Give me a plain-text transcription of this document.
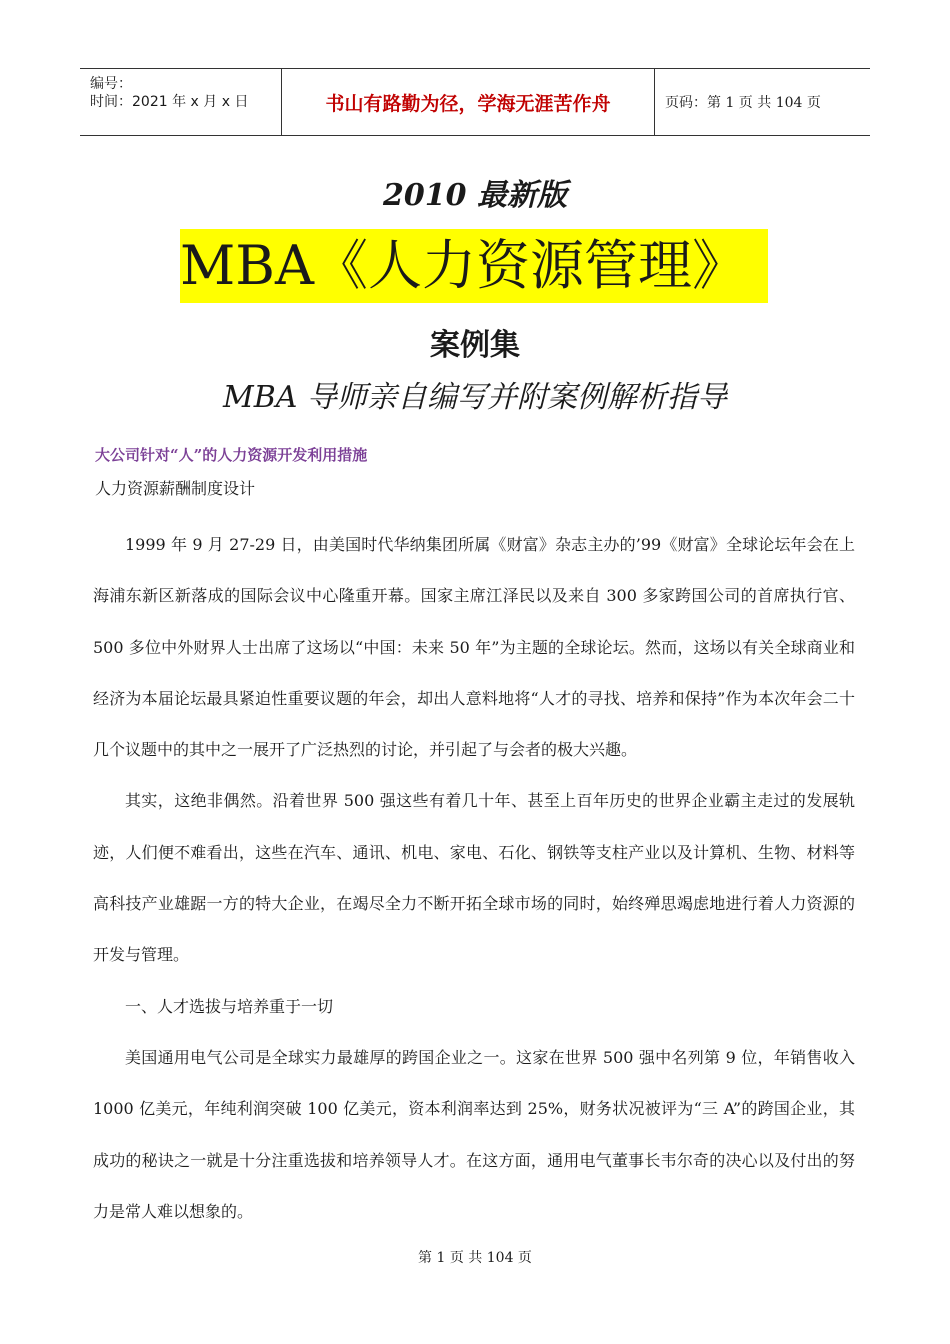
编号：
时间：2021 年 x 月 x 日	书山有路勤为径，学海无涯苦作舟	页码：第 1 页 共 104 页
2010 最新版
MBA《人力资源管理》
案例集
MBA 导师亲自编写并附案例解析指导
大公司针对“人”的人力资源开发利用措施
人力资源薪酬制度设计

1999 年 9 月 27-29 日，由美国时代华纳集团所属《财富》杂志主办的’99《财富》全球论坛年会在上海浦东新区新落成的国际会议中心隆重开幕。国家主席江泽民以及来自 300 多家跨国公司的首席执行官、500 多位中外财界人士出席了这场以“中国：未来 50 年”为主题的全球论坛。然而，这场以有关全球商业和经济为本届论坛最具紧迫性重要议题的年会，却出人意料地将“人才的寻找、培养和保持”作为本次年会二十几个议题中的其中之一展开了广泛热烈的讨论，并引起了与会者的极大兴趣。

其实，这绝非偶然。沿着世界 500 强这些有着几十年、甚至上百年历史的世界企业霸主走过的发展轨迹，人们便不难看出，这些在汽车、通讯、机电、家电、石化、钢铁等支柱产业以及计算机、生物、材料等高科技产业雄踞一方的特大企业，在竭尽全力不断开拓全球市场的同时，始终殚思竭虑地进行着人力资源的开发与管理。

一、人才选拔与培养重于一切

美国通用电气公司是全球实力最雄厚的跨国企业之一。这家在世界 500 强中名列第 9 位，年销售收入 1000 亿美元，年纯利润突破 100 亿美元，资本利润率达到 25%，财务状况被评为“三 A”的跨国企业，其成功的秘诀之一就是十分注重选拔和培养领导人才。在这方面，通用电气董事长韦尔奇的决心以及付出的努力是常人难以想象的。

第 1 页 共 104 页
